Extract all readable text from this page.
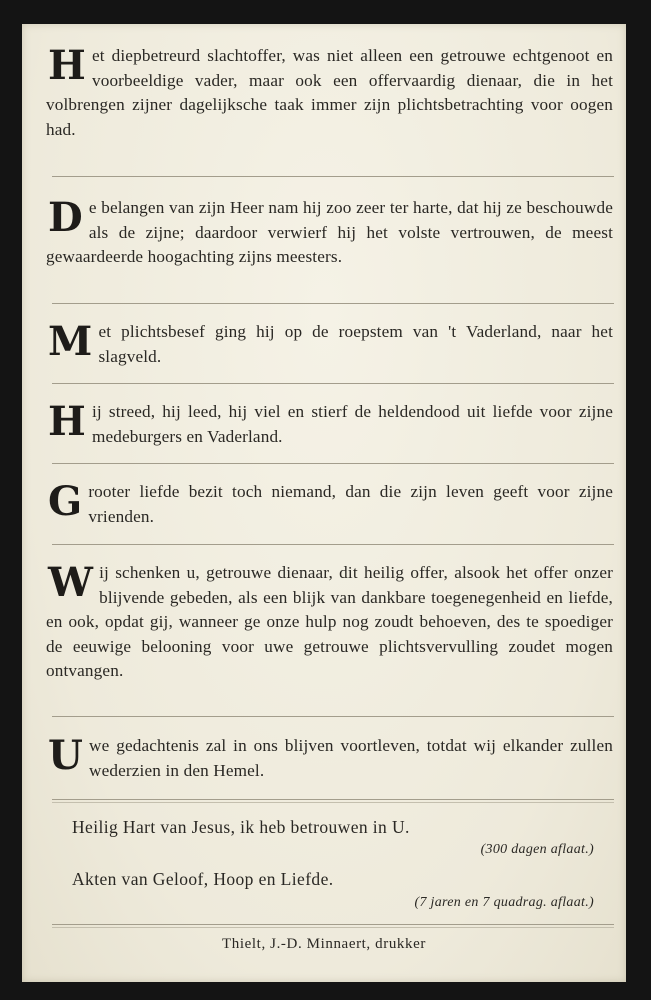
H et diepbetreurd slachtoffer, was niet alleen een getrouwe echtgenoot en voorbeeldige vader, maar ook een offervaardig dienaar, die in het volbrengen zijner dagelijksche taak immer zijn plichtsbetrachting voor oogen had.
D e belangen van zijn Heer nam hij zoo zeer ter harte, dat hij ze beschouwde als de zijne; daardoor verwierf hij het volste vertrouwen, de meest gewaardeerde hoogachting zijns meesters.
M et plichtsbesef ging hij op de roepstem van 't Vaderland, naar het slagveld.
H ij streed, hij leed, hij viel en stierf de heldendood uit liefde voor zijne medeburgers en Vaderland.
G rooter liefde bezit toch niemand, dan die zijn leven geeft voor zijne vrienden.
W ij schenken u, getrouwe dienaar, dit heilig offer, alsook het offer onzer blijvende gebeden, als een blijk van dankbare toegenegenheid en liefde, en ook, opdat gij, wanneer ge onze hulp nog zoudt behoeven, des te spoediger de eeuwige belooning voor uwe getrouwe plichtsvervulling zoudet mogen ontvangen.
U we gedachtenis zal in ons blijven voortleven, totdat wij elkander zullen wederzien in den Hemel.
Heilig Hart van Jesus, ik heb betrouwen in U.
(300 dagen aflaat.)
Akten van Geloof, Hoop en Liefde.
(7 jaren en 7 quadrag. aflaat.)
Thielt, J.-D. Minnaert, drukker
